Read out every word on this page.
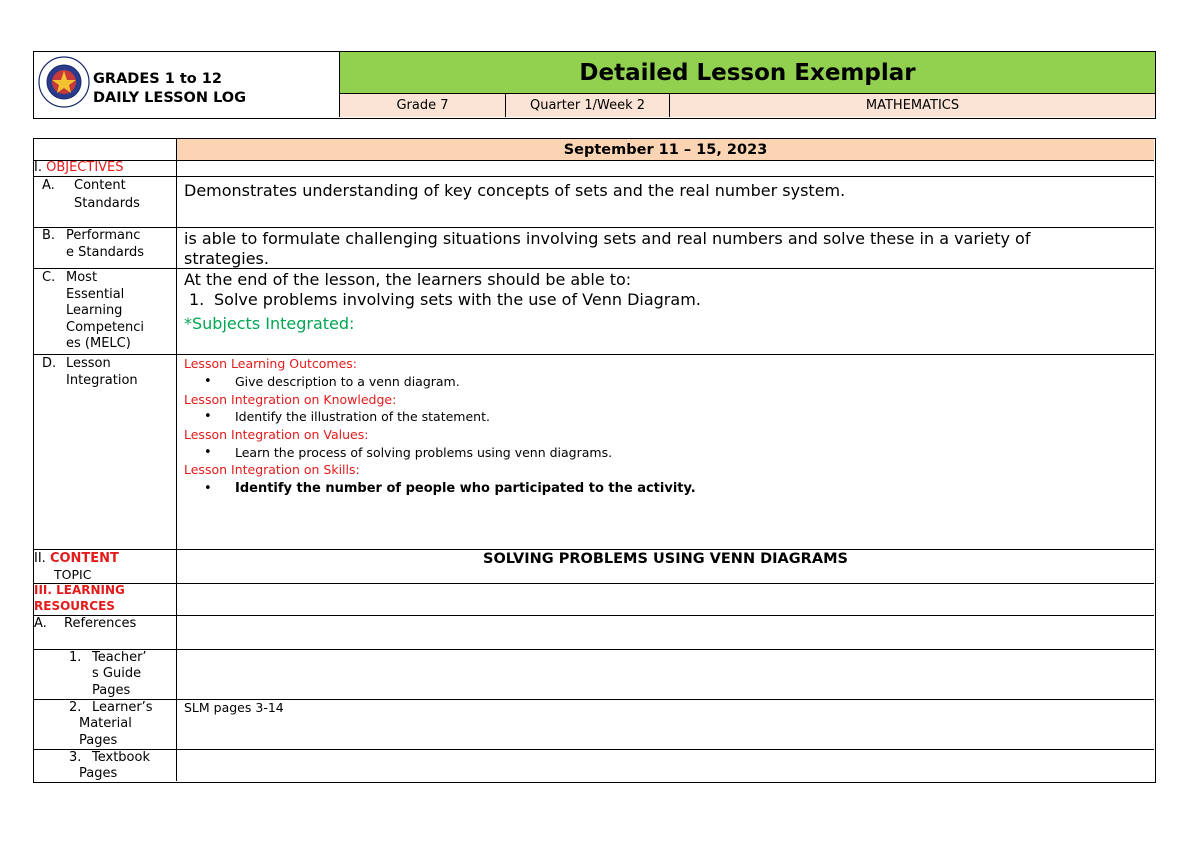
GRADES 1 to 12
DAILY LESSON LOG
Detailed Lesson Exemplar
Grade 7	Quarter 1/Week 2	MATHEMATICS
September 11 – 15, 2023
I. OBJECTIVES
A. Content
Standards
Demonstrates understanding of key concepts of sets and the real number system.
B. Performanc
e Standards
is able to formulate challenging situations involving sets and real numbers and solve these in a variety of
strategies.
C. Most
Essential
Learning
Competenci
es (MELC)
At the end of the lesson, the learners should be able to:
1. Solve problems involving sets with the use of Venn Diagram.
*Subjects Integrated:
D. Lesson
Integration
Lesson Learning Outcomes:
• Give description to a venn diagram.
Lesson Integration on Knowledge:
• Identify the illustration of the statement.
Lesson Integration on Values:
• Learn the process of solving problems using venn diagrams.
Lesson Integration on Skills:
• Identify the number of people who participated to the activity.
II. CONTENT
TOPIC
SOLVING PROBLEMS USING VENN DIAGRAMS
III. LEARNING
RESOURCES
A. References
1. Teacher’
s Guide
Pages
2. Learner’s
Material
Pages
SLM pages 3-14
3. Textbook
Pages
